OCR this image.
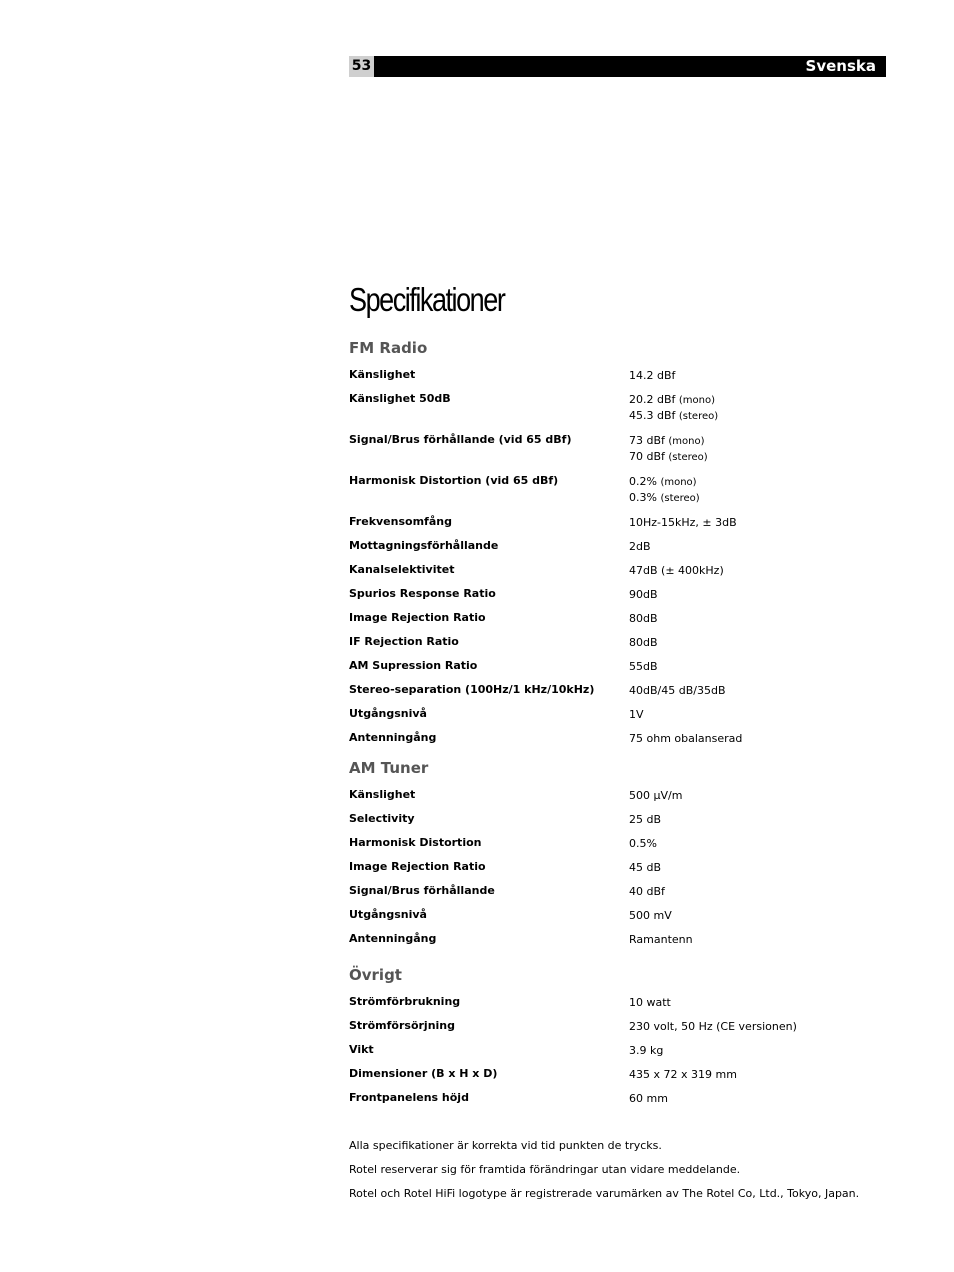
53	Svenska
Specifikationer
FM Radio
Känslighet	14.2 dBf
Känslighet 50dB	20.2 dBf (mono)
45.3 dBf (stereo)
Signal/Brus förhållande (vid 65 dBf)	73 dBf (mono)
70 dBf (stereo)
Harmonisk Distortion (vid 65 dBf)	0.2% (mono)
0.3% (stereo)
Frekvensomfång	10Hz-15kHz, ± 3dB
Mottagningsförhållande	2dB
Kanalselektivitet	47dB (± 400kHz)
Spurios Response Ratio	90dB
Image Rejection Ratio	80dB
IF Rejection Ratio	80dB
AM Supression Ratio	55dB
Stereo-separation (100Hz/1 kHz/10kHz)	40dB/45 dB/35dB
Utgångsnivå	1V
Antenningång	75 ohm obalanserad
AM Tuner
Känslighet	500 µV/m
Selectivity	25 dB
Harmonisk Distortion	0.5%
Image Rejection Ratio	45 dB
Signal/Brus förhållande	40 dBf
Utgångsnivå	500 mV
Antenningång	Ramantenn
Övrigt
Strömförbrukning	10 watt
Strömförsörjning	230 volt, 50 Hz (CE versionen)
Vikt	3.9 kg
Dimensioner (B x H x D)	435 x 72 x 319 mm
Frontpanelens höjd	60 mm
Alla specifikationer är korrekta vid tid punkten de trycks.
Rotel reserverar sig för framtida förändringar utan vidare meddelande.
Rotel och Rotel HiFi logotype är registrerade varumärken av The Rotel Co, Ltd., Tokyo, Japan.
